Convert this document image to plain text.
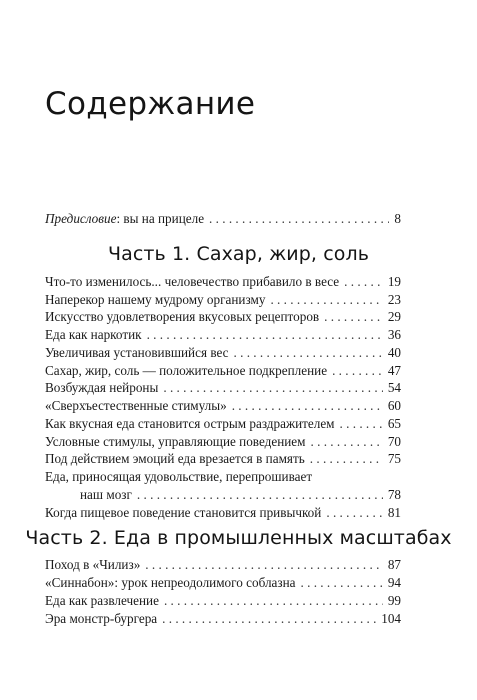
Содержание
Предисловие: вы на прицеле . . .	8
Часть 1. Сахар, жир, соль
Что-то изменилось... человечество прибавило в весе . . .	19
Наперекор нашему мудрому организму . . .	23
Искусство удовлетворения вкусовых рецепторов . . .	29
Еда как наркотик . . .	36
Увеличивая установившийся вес . . .	40
Сахар, жир, соль — положительное подкрепление . . .	47
Возбуждая нейроны . . .	54
«Сверхъестественные стимулы» . . .	60
Как вкусная еда становится острым раздражителем . . .	65
Условные стимулы, управляющие поведением . . .	70
Под действием эмоций еда врезается в память . . .	75
Еда, приносящая удовольствие, перепрошивает
наш мозг . . .	78
Когда пищевое поведение становится привычкой . . .	81
Часть 2. Еда в промышленных масштабах
Поход в «Чилиз» . . .	87
«Синнабон»: урок непреодолимого соблазна . . .	94
Еда как развлечение . . .	99
Эра монстр-бургера . . .	104
